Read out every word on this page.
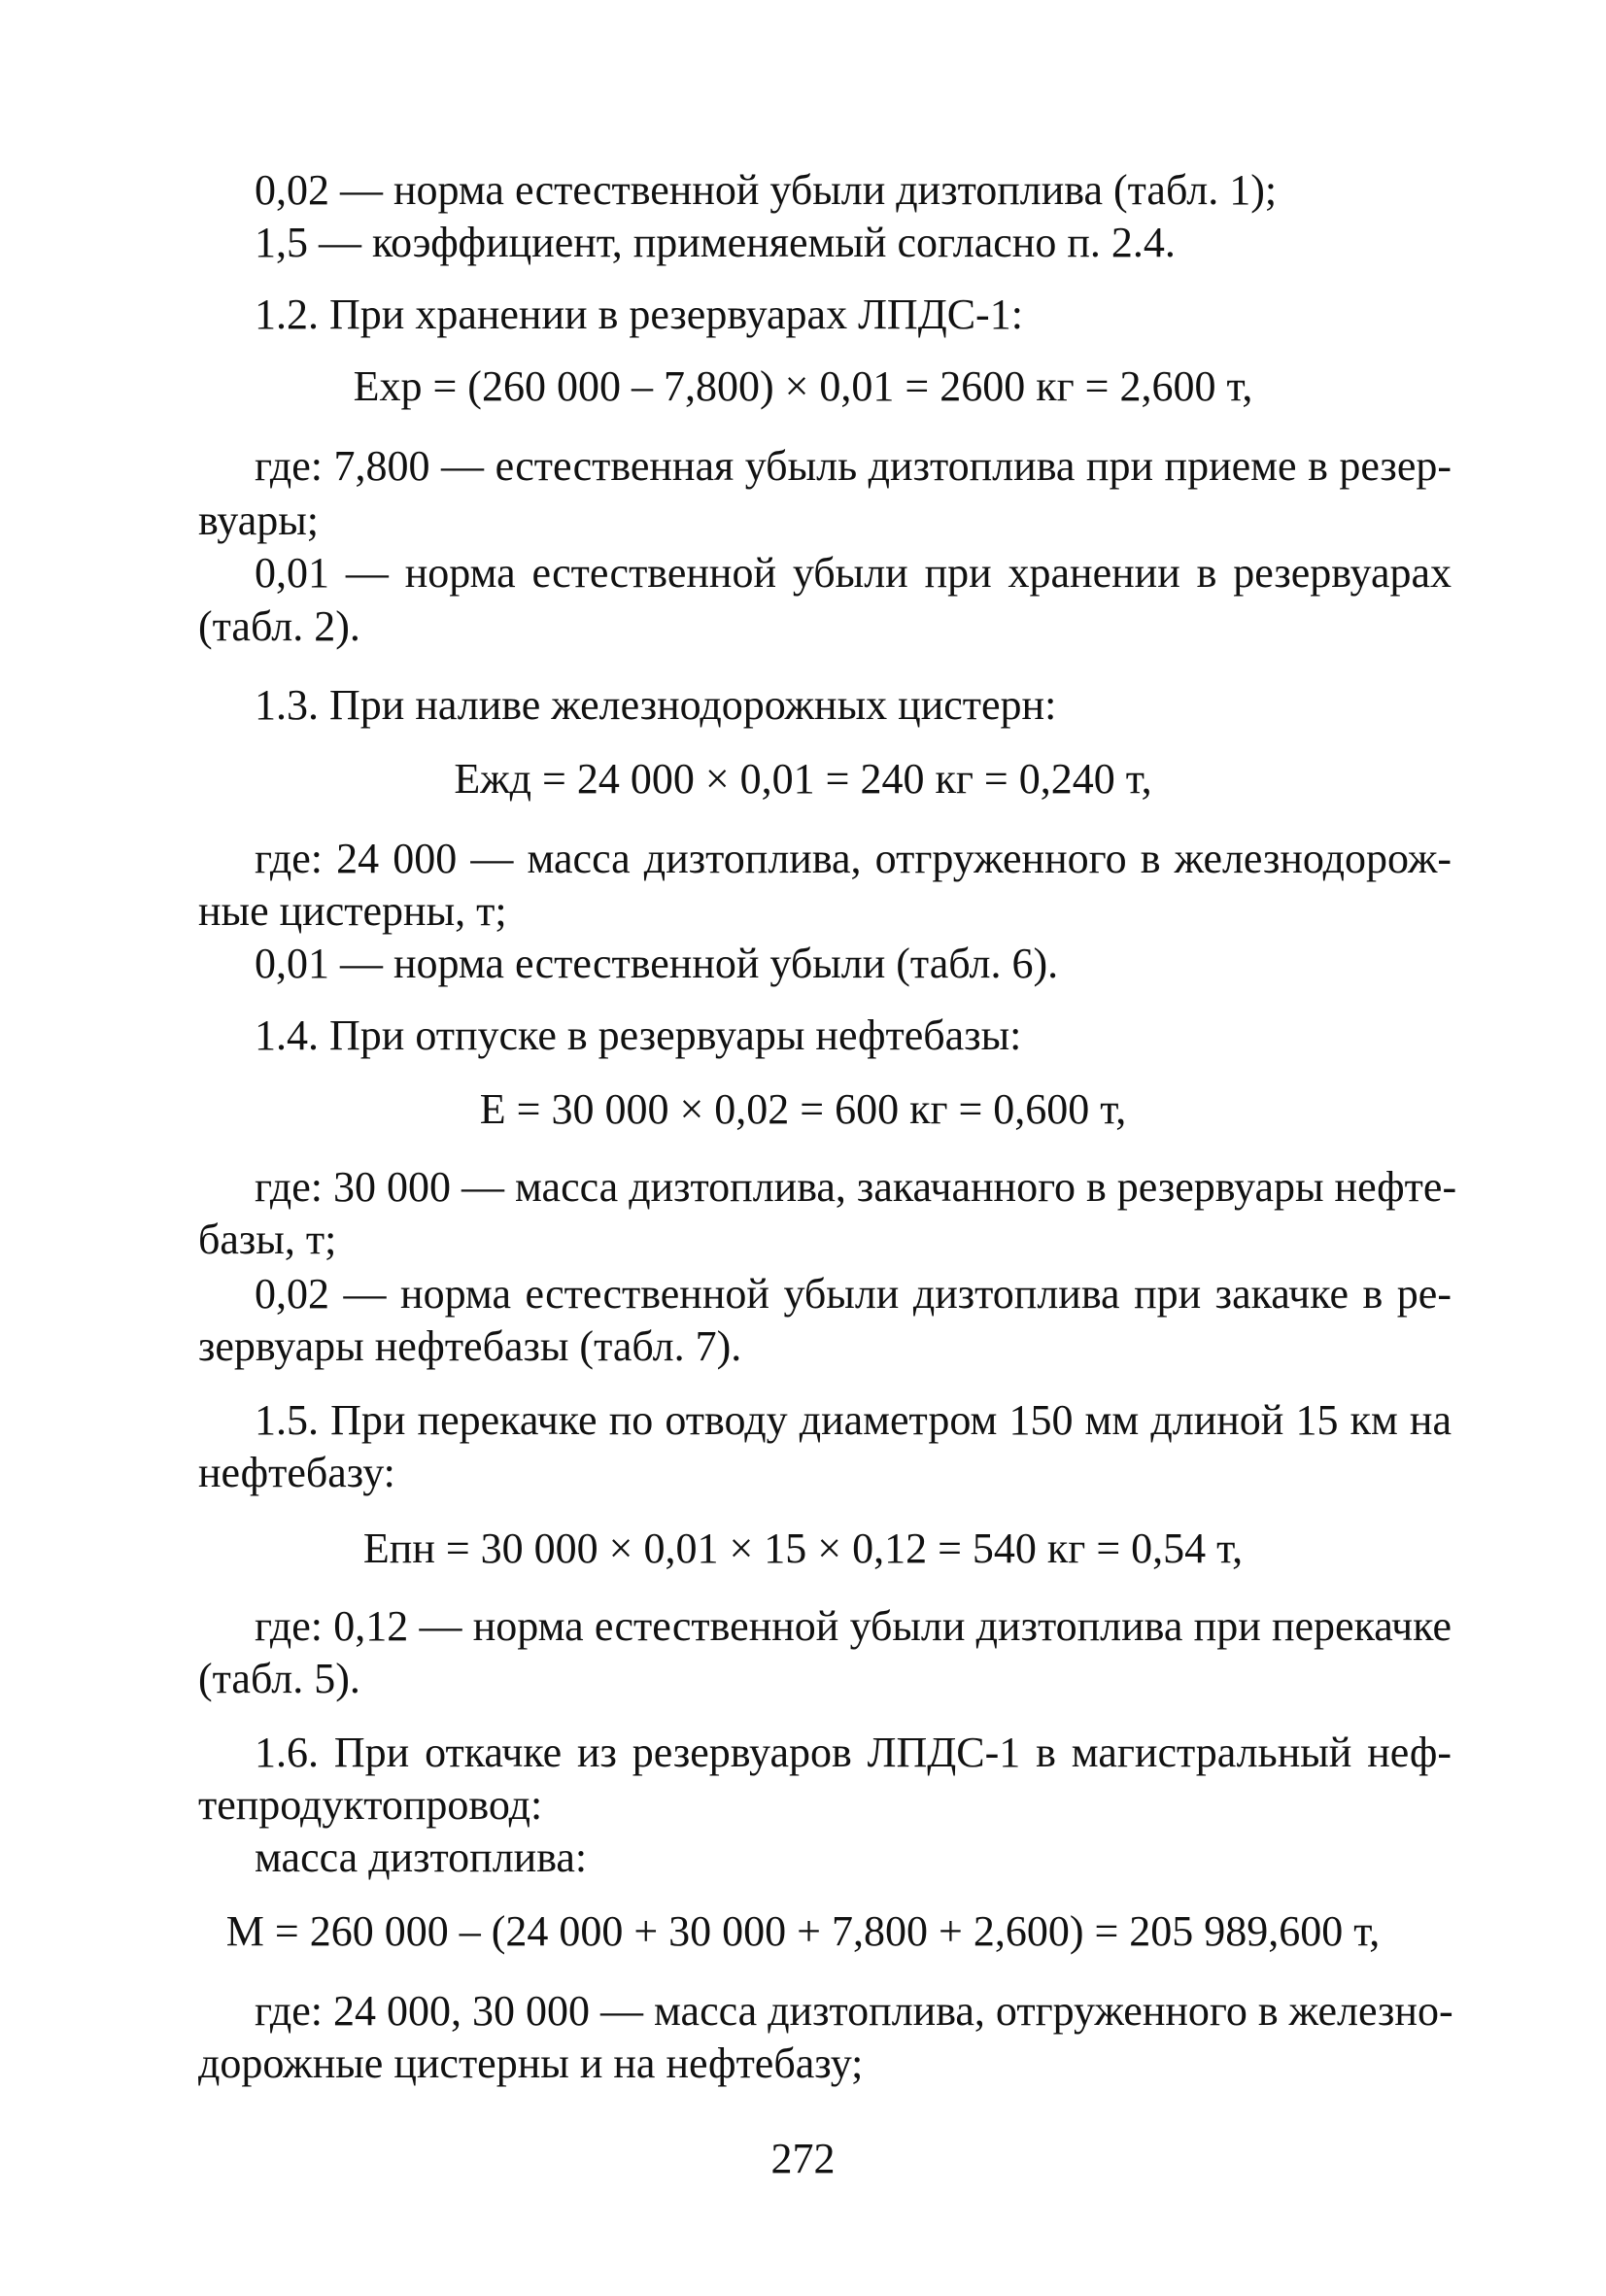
0,02 — норма естественной убыли дизтоплива (табл. 1);
1,5 — коэффициент, применяемый согласно п. 2.4.
1.2. При хранении в резервуарах ЛПДС-1:
Exp = (260 000 – 7,800) × 0,01 = 2600 кг = 2,600 т,
где: 7,800 — естественная убыль дизтоплива при приеме в резер-
вуары;
0,01 — норма естественной убыли при хранении в резервуарах
(табл. 2).
1.3. При наливе железнодорожных цистерн:
Ежд = 24 000 × 0,01 = 240 кг = 0,240 т,
где: 24 000 — масса дизтоплива, отгруженного в железнодорож-
ные цистерны, т;
0,01 — норма естественной убыли (табл. 6).
1.4. При отпуске в резервуары нефтебазы:
Е = 30 000 × 0,02 = 600 кг = 0,600 т,
где: 30 000 — масса дизтоплива, закачанного в резервуары нефте-
базы, т;
0,02 — норма естественной убыли дизтоплива при закачке в ре-
зервуары нефтебазы (табл. 7).
1.5. При перекачке по отводу диаметром 150 мм длиной 15 км на
нефтебазу:
Епн = 30 000 × 0,01 × 15 × 0,12 = 540 кг = 0,54 т,
где: 0,12 — норма естественной убыли дизтоплива при перекачке
(табл. 5).
1.6. При откачке из резервуаров ЛПДС-1 в магистральный неф-
тепродуктопровод:
масса дизтоплива:
М = 260 000 – (24 000 + 30 000 + 7,800 + 2,600) = 205 989,600 т,
где: 24 000, 30 000 — масса дизтоплива, отгруженного в железно-
дорожные цистерны и на нефтебазу;
272
